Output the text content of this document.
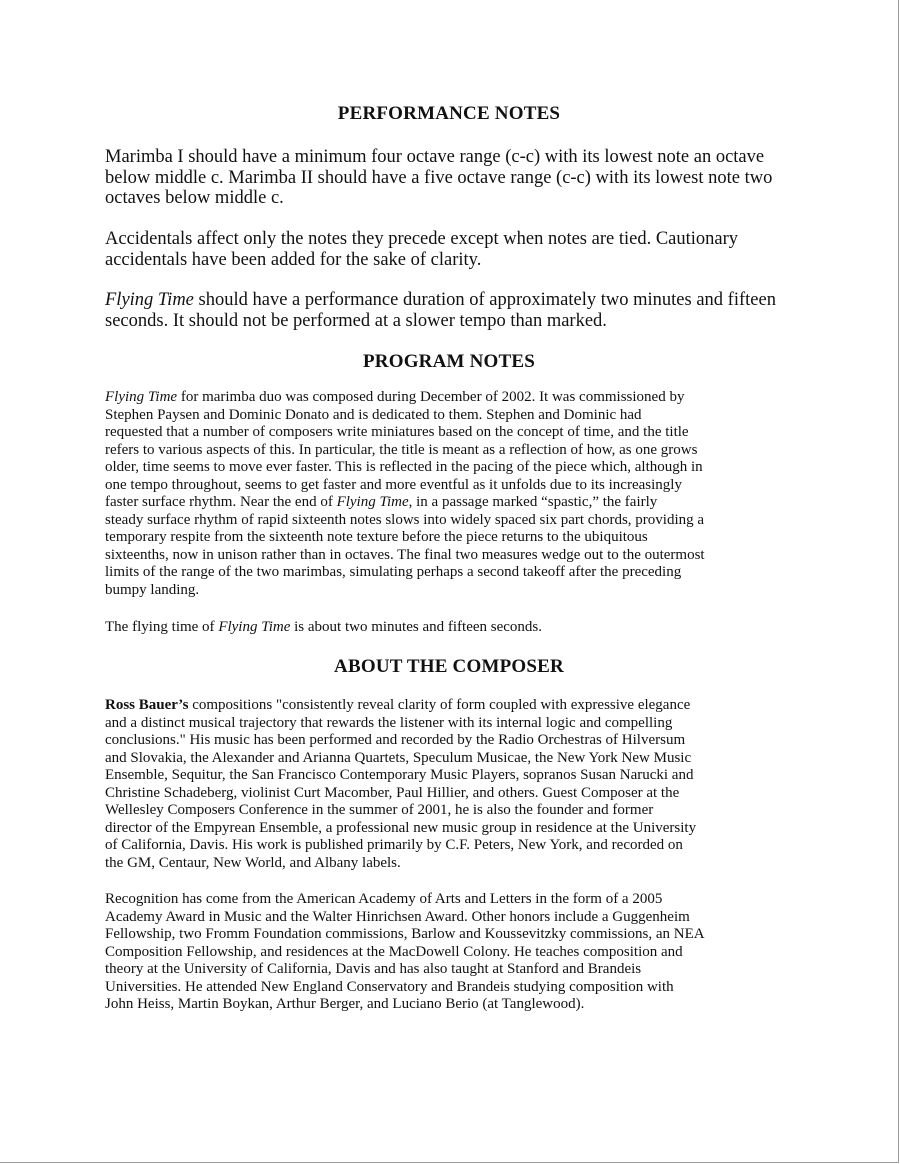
PERFORMANCE NOTES

Marimba I should have a minimum four octave range (c-c) with its lowest note an octave
below middle c. Marimba II should have a five octave range (c-c) with its lowest note two
octaves below middle c.

Accidentals affect only the notes they precede except when notes are tied. Cautionary
accidentals have been added for the sake of clarity.

Flying Time should have a performance duration of approximately two minutes and fifteen
seconds. It should not be performed at a slower tempo than marked.

PROGRAM NOTES

Flying Time for marimba duo was composed during December of 2002. It was commissioned by
Stephen Paysen and Dominic Donato and is dedicated to them. Stephen and Dominic had
requested that a number of composers write miniatures based on the concept of time, and the title
refers to various aspects of this. In particular, the title is meant as a reflection of how, as one grows
older, time seems to move ever faster. This is reflected in the pacing of the piece which, although in
one tempo throughout, seems to get faster and more eventful as it unfolds due to its increasingly
faster surface rhythm. Near the end of Flying Time, in a passage marked “spastic,” the fairly
steady surface rhythm of rapid sixteenth notes slows into widely spaced six part chords, providing a
temporary respite from the sixteenth note texture before the piece returns to the ubiquitous
sixteenths, now in unison rather than in octaves. The final two measures wedge out to the outermost
limits of the range of the two marimbas, simulating perhaps a second takeoff after the preceding
bumpy landing.

The flying time of Flying Time is about two minutes and fifteen seconds.

ABOUT THE COMPOSER

Ross Bauer’s compositions "consistently reveal clarity of form coupled with expressive elegance
and a distinct musical trajectory that rewards the listener with its internal logic and compelling
conclusions." His music has been performed and recorded by the Radio Orchestras of Hilversum
and Slovakia, the Alexander and Arianna Quartets, Speculum Musicae, the New York New Music
Ensemble, Sequitur, the San Francisco Contemporary Music Players, sopranos Susan Narucki and
Christine Schadeberg, violinist Curt Macomber, Paul Hillier, and others. Guest Composer at the
Wellesley Composers Conference in the summer of 2001, he is also the founder and former
director of the Empyrean Ensemble, a professional new music group in residence at the University
of California, Davis. His work is published primarily by C.F. Peters, New York, and recorded on
the GM, Centaur, New World, and Albany labels.

Recognition has come from the American Academy of Arts and Letters in the form of a 2005
Academy Award in Music and the Walter Hinrichsen Award. Other honors include a Guggenheim
Fellowship, two Fromm Foundation commissions, Barlow and Koussevitzky commissions, an NEA
Composition Fellowship, and residences at the MacDowell Colony. He teaches composition and
theory at the University of California, Davis and has also taught at Stanford and Brandeis
Universities. He attended New England Conservatory and Brandeis studying composition with
John Heiss, Martin Boykan, Arthur Berger, and Luciano Berio (at Tanglewood).
